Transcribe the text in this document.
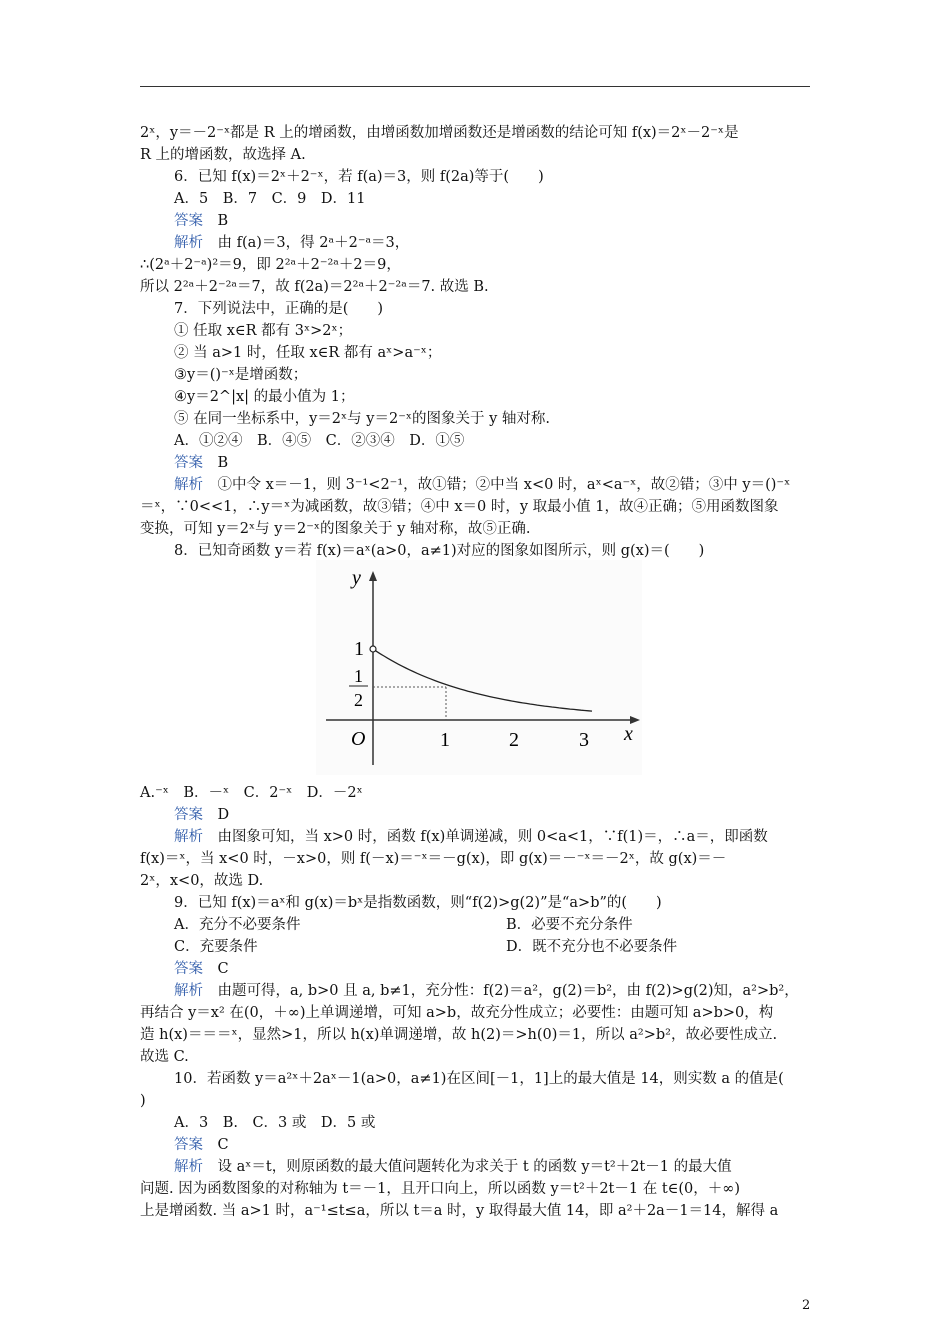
2ˣ，y＝－2⁻ˣ都是 R 上的增函数，由增函数加增函数还是增函数的结论可知 f(x)＝2ˣ－2⁻ˣ是
R 上的增函数，故选择 A.
6．已知 f(x)＝2ˣ＋2⁻ˣ，若 f(a)＝3，则 f(2a)等于(　　)
A．5　B．7　C．9　D．11
答案　 B
解析　 由 f(a)＝3，得 2ᵃ＋2⁻ᵃ＝3，
∴(2ᵃ＋2⁻ᵃ)²＝9，即 2²ᵃ＋2⁻²ᵃ＋2＝9，
所以 2²ᵃ＋2⁻²ᵃ＝7，故 f(2a)＝2²ᵃ＋2⁻²ᵃ＝7. 故选 B.
7．下列说法中，正确的是(　　)
① 任取 x∈R 都有 3ˣ>2ˣ；
② 当 a>1 时，任取 x∈R 都有 aˣ>a⁻ˣ；
③y＝()⁻ˣ是增函数；
④y＝2^|x| 的最小值为 1；
⑤ 在同一坐标系中，y＝2ˣ与 y＝2⁻ˣ的图象关于 y 轴对称.
A．①②④　B．④⑤　C．②③④　D．①⑤
答案　 B
解析　 ①中令 x＝－1，则 3⁻¹<2⁻¹，故①错；②中当 x<0 时，aˣ<a⁻ˣ，故②错；③中 y＝()⁻ˣ
＝ˣ，∵0<<1，∴y＝ˣ为减函数，故③错；④中 x＝0 时，y 取最小值 1，故④正确；⑤用函数图象
变换，可知 y＝2ˣ与 y＝2⁻ˣ的图象关于 y 轴对称，故⑤正确.
8．已知奇函数 y＝若 f(x)＝aˣ(a>0，a≠1)对应的图象如图所示，则 g(x)＝(　　)
A.⁻ˣ　B．－ˣ　C．2⁻ˣ　D．－2ˣ
答案　 D
解析　 由图象可知，当 x>0 时，函数 f(x)单调递减，则 0<a<1，∵f(1)＝，∴a＝，即函数
f(x)＝ˣ，当 x<0 时，－x>0，则 f(－x)＝⁻ˣ＝－g(x)，即 g(x)＝－⁻ˣ＝－2ˣ，故 g(x)＝－
2ˣ，x<0，故选 D.
9．已知 f(x)＝aˣ和 g(x)＝bˣ是指数函数，则“f(2)>g(2)”是“a>b”的(　　)
A．充分不必要条件	B．必要不充分条件
C．充要条件	D．既不充分也不必要条件
答案　 C
解析　 由题可得，a, b>0 且 a, b≠1，充分性：f(2)＝a²，g(2)＝b²，由 f(2)>g(2)知，a²>b²，
再结合 y＝x² 在(0，＋∞)上单调递增，可知 a>b，故充分性成立；必要性：由题可知 a>b>0，构
造 h(x)＝＝＝ˣ，显然>1，所以 h(x)单调递增，故 h(2)＝>h(0)＝1，所以 a²>b²，故必要性成立.
故选 C.
10．若函数 y＝a²ˣ＋2aˣ－1(a>0，a≠1)在区间[－1，1]上的最大值是 14，则实数 a 的值是(
)
A．3　B.　C．3 或　D．5 或
答案　 C
解析　 设 aˣ＝t，则原函数的最大值问题转化为求关于 t 的函数 y＝t²＋2t－1 的最大值
问题. 因为函数图象的对称轴为 t＝－1，且开口向上，所以函数 y＝t²＋2t－1 在 t∈(0，＋∞)
上是增函数. 当 a>1 时，a⁻¹≤t≤a，所以 t＝a 时，y 取得最大值 14，即 a²＋2a－1＝14，解得 a
y
x
O	1	2	3
1
1
2
2
